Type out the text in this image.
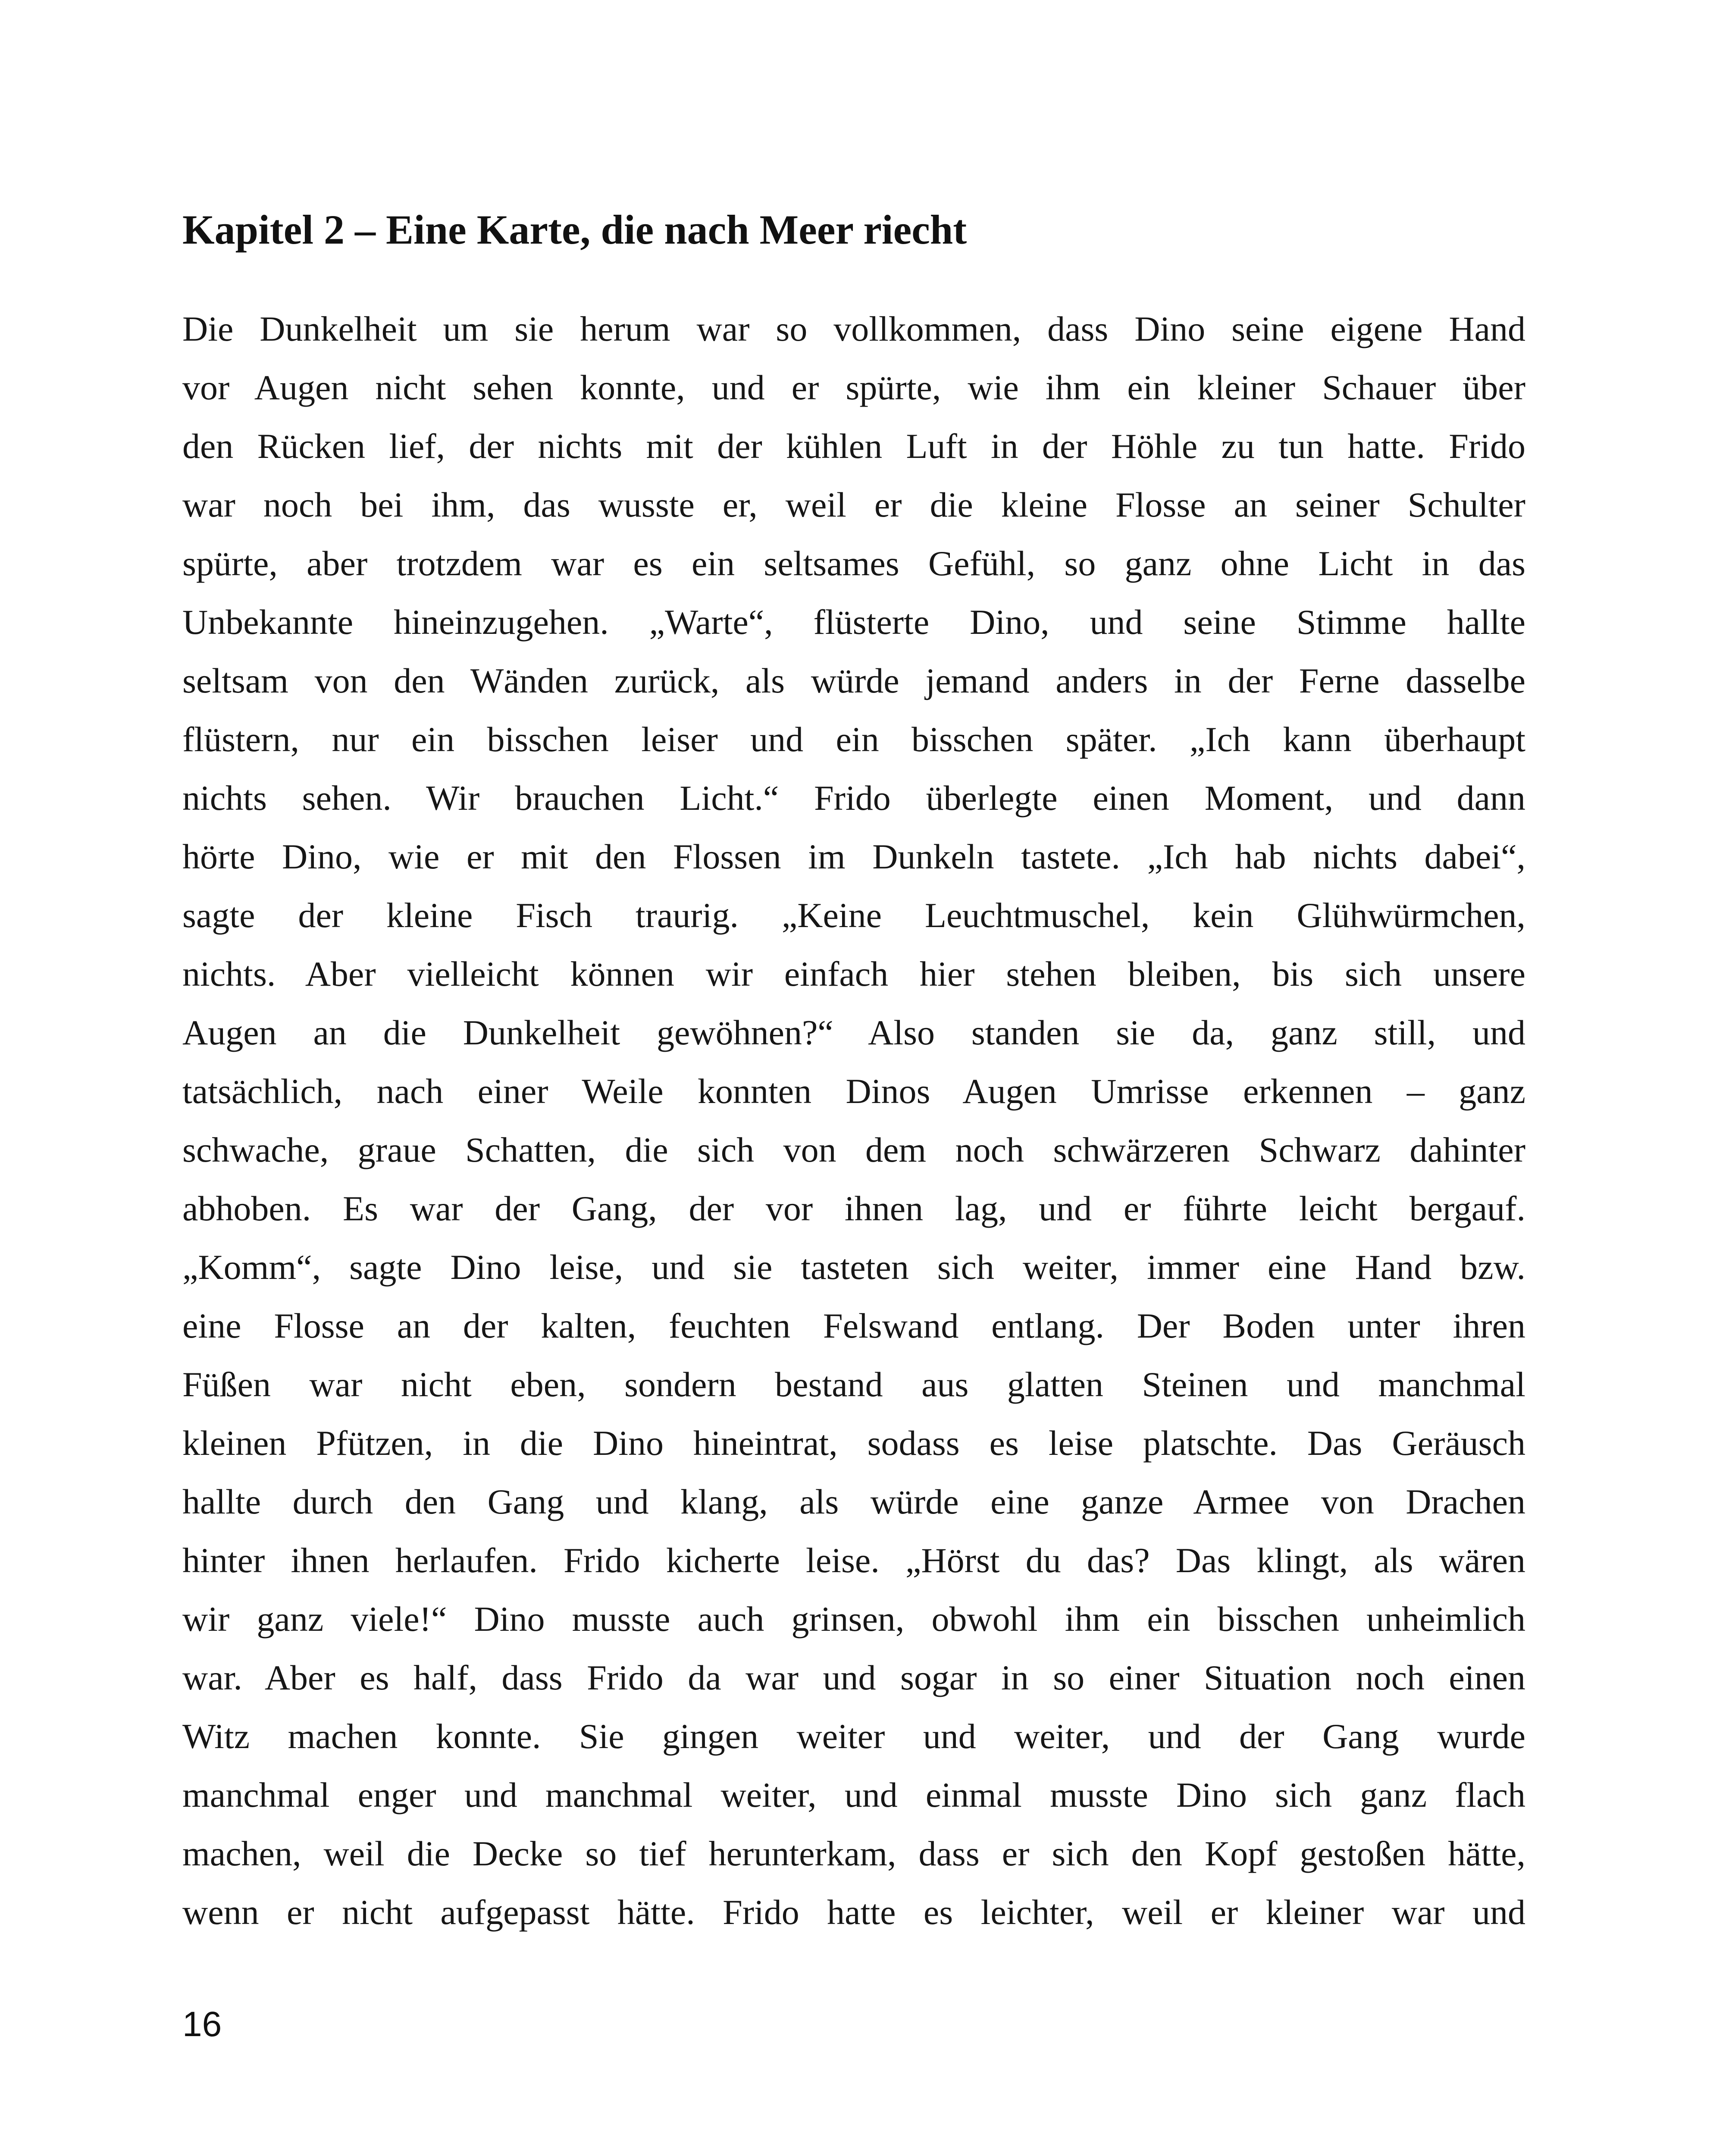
Kapitel 2 – Eine Karte, die nach Meer riecht
Die Dunkelheit um sie herum war so vollkommen, dass Dino seine eigene Hand
vor Augen nicht sehen konnte, und er spürte, wie ihm ein kleiner Schauer über
den Rücken lief, der nichts mit der kühlen Luft in der Höhle zu tun hatte. Frido
war noch bei ihm, das wusste er, weil er die kleine Flosse an seiner Schulter
spürte, aber trotzdem war es ein seltsames Gefühl, so ganz ohne Licht in das
Unbekannte hineinzugehen. „Warte“, flüsterte Dino, und seine Stimme hallte
seltsam von den Wänden zurück, als würde jemand anders in der Ferne dasselbe
flüstern, nur ein bisschen leiser und ein bisschen später. „Ich kann überhaupt
nichts sehen. Wir brauchen Licht.“ Frido überlegte einen Moment, und dann
hörte Dino, wie er mit den Flossen im Dunkeln tastete. „Ich hab nichts dabei“,
sagte der kleine Fisch traurig. „Keine Leuchtmuschel, kein Glühwürmchen,
nichts. Aber vielleicht können wir einfach hier stehen bleiben, bis sich unsere
Augen an die Dunkelheit gewöhnen?“ Also standen sie da, ganz still, und
tatsächlich, nach einer Weile konnten Dinos Augen Umrisse erkennen – ganz
schwache, graue Schatten, die sich von dem noch schwärzeren Schwarz dahinter
abhoben. Es war der Gang, der vor ihnen lag, und er führte leicht bergauf.
„Komm“, sagte Dino leise, und sie tasteten sich weiter, immer eine Hand bzw.
eine Flosse an der kalten, feuchten Felswand entlang. Der Boden unter ihren
Füßen war nicht eben, sondern bestand aus glatten Steinen und manchmal
kleinen Pfützen, in die Dino hineintrat, sodass es leise platschte. Das Geräusch
hallte durch den Gang und klang, als würde eine ganze Armee von Drachen
hinter ihnen herlaufen. Frido kicherte leise. „Hörst du das? Das klingt, als wären
wir ganz viele!“ Dino musste auch grinsen, obwohl ihm ein bisschen unheimlich
war. Aber es half, dass Frido da war und sogar in so einer Situation noch einen
Witz machen konnte. Sie gingen weiter und weiter, und der Gang wurde
manchmal enger und manchmal weiter, und einmal musste Dino sich ganz flach
machen, weil die Decke so tief herunterkam, dass er sich den Kopf gestoßen hätte,
wenn er nicht aufgepasst hätte. Frido hatte es leichter, weil er kleiner war und
16
